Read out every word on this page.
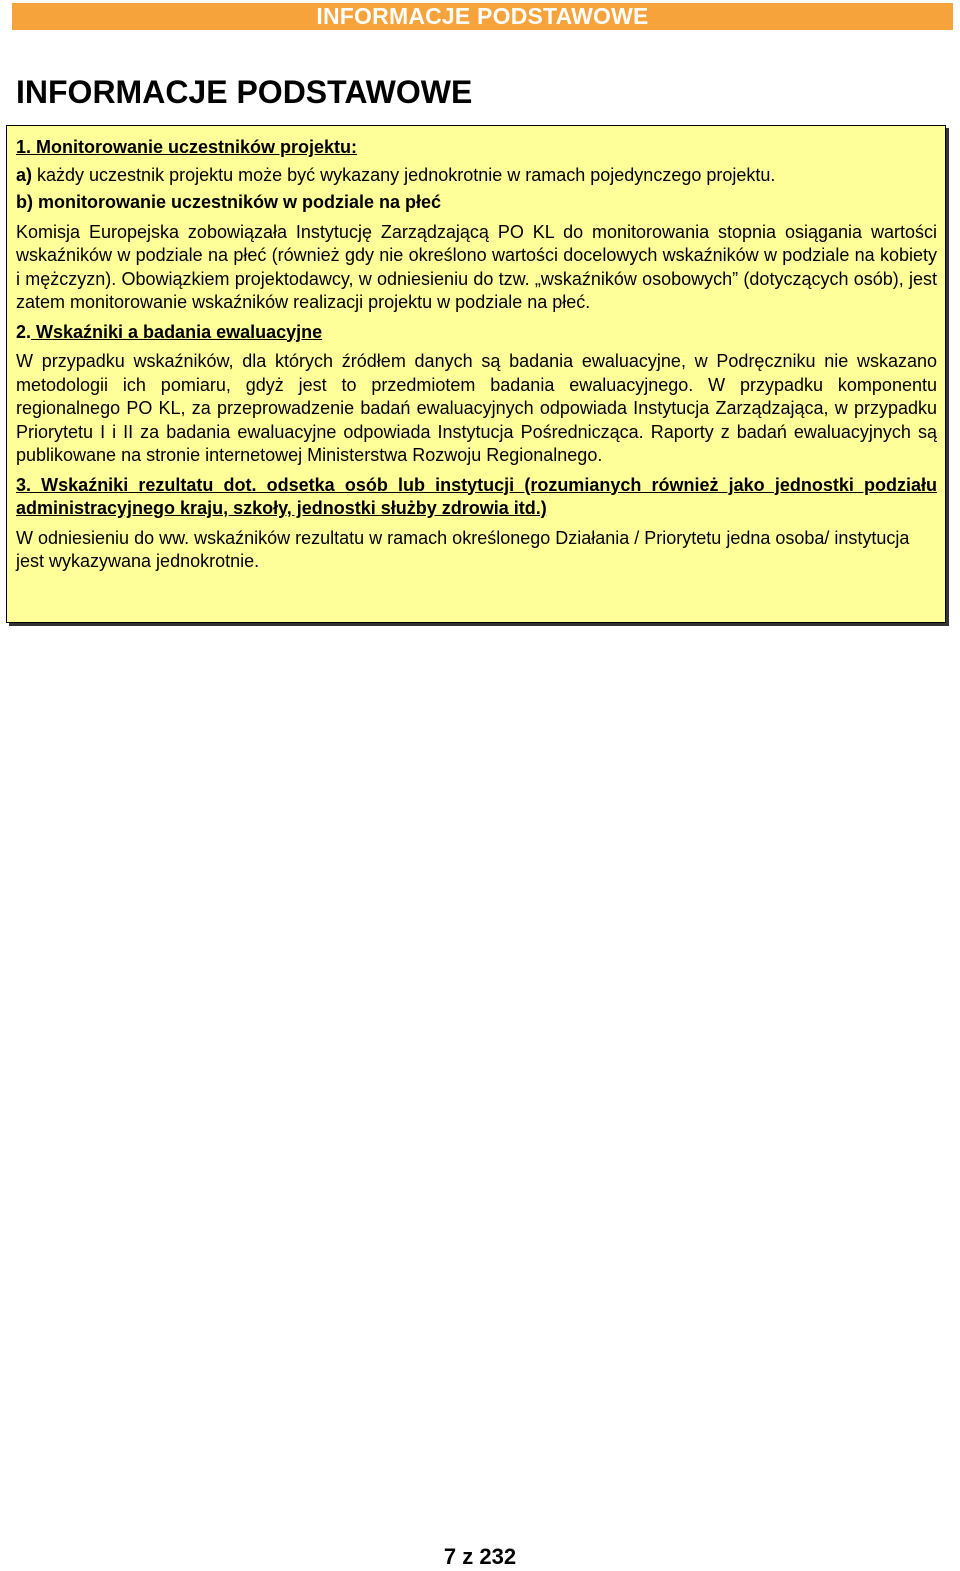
INFORMACJE PODSTAWOWE
INFORMACJE PODSTAWOWE

1. Monitorowanie uczestników projektu:

a) każdy uczestnik projektu może być wykazany jednokrotnie w ramach pojedynczego projektu.

b) monitorowanie uczestników w podziale na płeć

Komisja Europejska zobowiązała Instytucję Zarządzającą PO KL do monitorowania stopnia osiągania wartości wskaźników w podziale na płeć (również gdy nie określono wartości docelowych wskaźników w podziale na kobiety i mężczyzn). Obowiązkiem projektodawcy, w odniesieniu do tzw. „wskaźników osobowych” (dotyczących osób), jest zatem monitorowanie wskaźników realizacji projektu w podziale na płeć.

2. Wskaźniki a badania ewaluacyjne

W przypadku wskaźników, dla których źródłem danych są badania ewaluacyjne, w Podręczniku nie wskazano metodologii ich pomiaru, gdyż jest to przedmiotem badania ewaluacyjnego. W przypadku komponentu regionalnego PO KL, za przeprowadzenie badań ewaluacyjnych odpowiada Instytucja Zarządzająca, w przypadku Priorytetu I i II za badania ewaluacyjne odpowiada Instytucja Pośrednicząca. Raporty z badań ewaluacyjnych są publikowane na stronie internetowej Ministerstwa Rozwoju Regionalnego.

3. Wskaźniki rezultatu dot. odsetka osób lub instytucji (rozumianych również jako jednostki podziału administracyjnego kraju, szkoły, jednostki służby zdrowia itd.)

W odniesieniu do ww. wskaźników rezultatu w ramach określonego Działania / Priorytetu jedna osoba/ instytucja jest wykazywana jednokrotnie.

7 z 232
